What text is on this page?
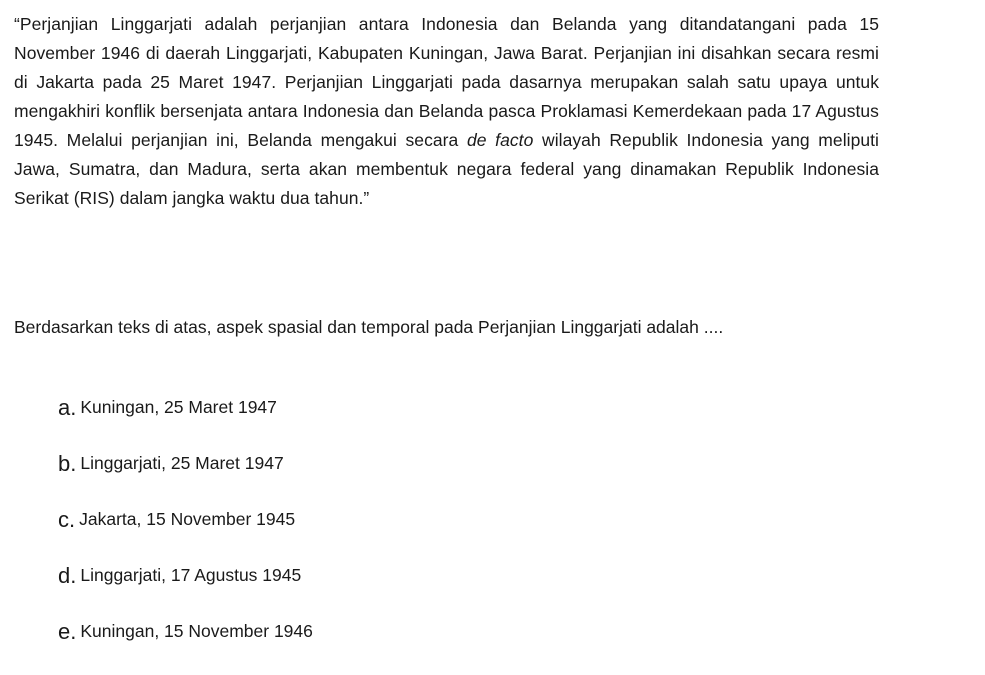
“Perjanjian Linggarjati adalah perjanjian antara Indonesia dan Belanda yang ditandatangani pada 15 November 1946 di daerah Linggarjati, Kabupaten Kuningan, Jawa Barat. Perjanjian ini disahkan secara resmi di Jakarta pada 25 Maret 1947. Perjanjian Linggarjati pada dasarnya merupakan salah satu upaya untuk mengakhiri konflik bersenjata antara Indonesia dan Belanda pasca Proklamasi Kemerdekaan pada 17 Agustus 1945. Melalui perjanjian ini, Belanda mengakui secara de facto wilayah Republik Indonesia yang meliputi Jawa, Sumatra, dan Madura, serta akan membentuk negara federal yang dinamakan Republik Indonesia Serikat (RIS) dalam jangka waktu dua tahun.”

Berdasarkan teks di atas, aspek spasial dan temporal pada Perjanjian Linggarjati adalah ....

a. Kuningan, 25 Maret 1947
b. Linggarjati, 25 Maret 1947
c. Jakarta, 15 November 1945
d. Linggarjati, 17 Agustus 1945
e. Kuningan, 15 November 1946
